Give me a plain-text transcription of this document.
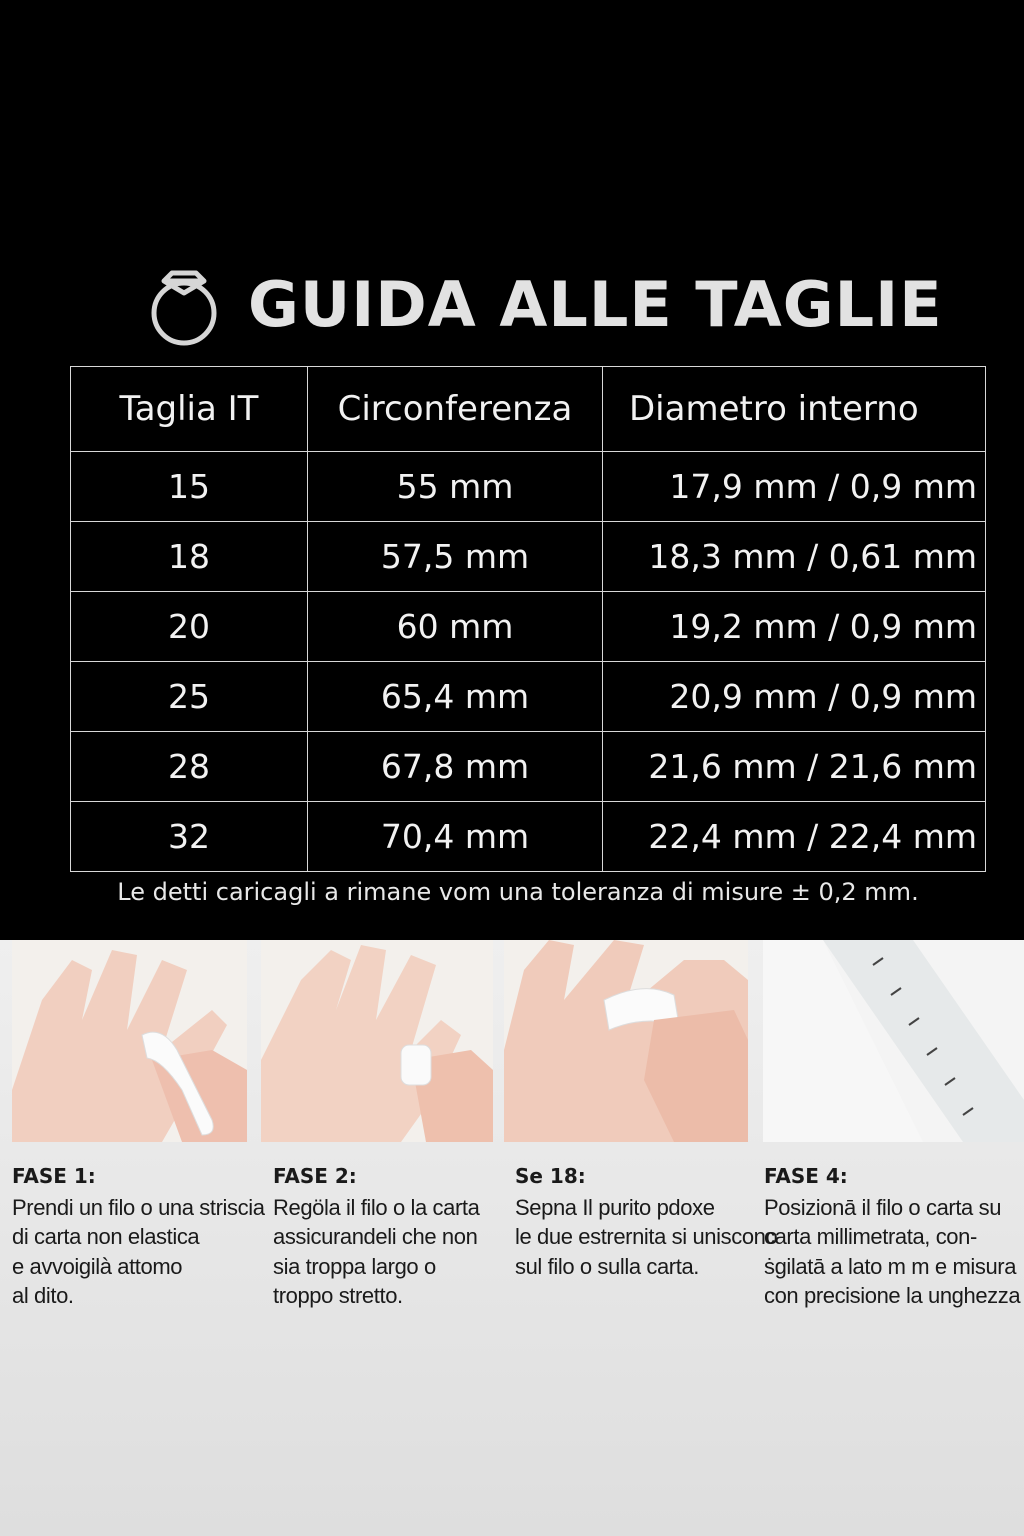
GUIDA ALLE TAGLIE
Taglia IT	Circonferenza	Diametro interno
15	55 mm	17,9 mm / 0,9 mm
18	57,5 mm	18,3 mm / 0,61 mm
20	60 mm	19,2 mm / 0,9 mm
25	65,4 mm	20,9 mm / 0,9 mm
28	67,8 mm	21,6 mm / 21,6 mm
32	70,4 mm	22,4 mm / 22,4 mm
Le detti caricagli a rimane vom una toleranza di misure ± 0,2 mm.
FASE 1:
Prendi un filo o una striscia
di carta non elastica
e avvoigilà attomo
al dito.
FASE 2:
Regöla il filo o la carta
assicurandeli che non
sia troppa largo o
troppo stretto.
Se 18:
Sepna Il purito pdoxe
le due estrernita si uniscono
sul filo o sulla carta.
FASE 4:
Posizionā il filo o carta su
carta millimetrata, con-
ṡgilatā a lato m m e misura
con precisione la unghezza
